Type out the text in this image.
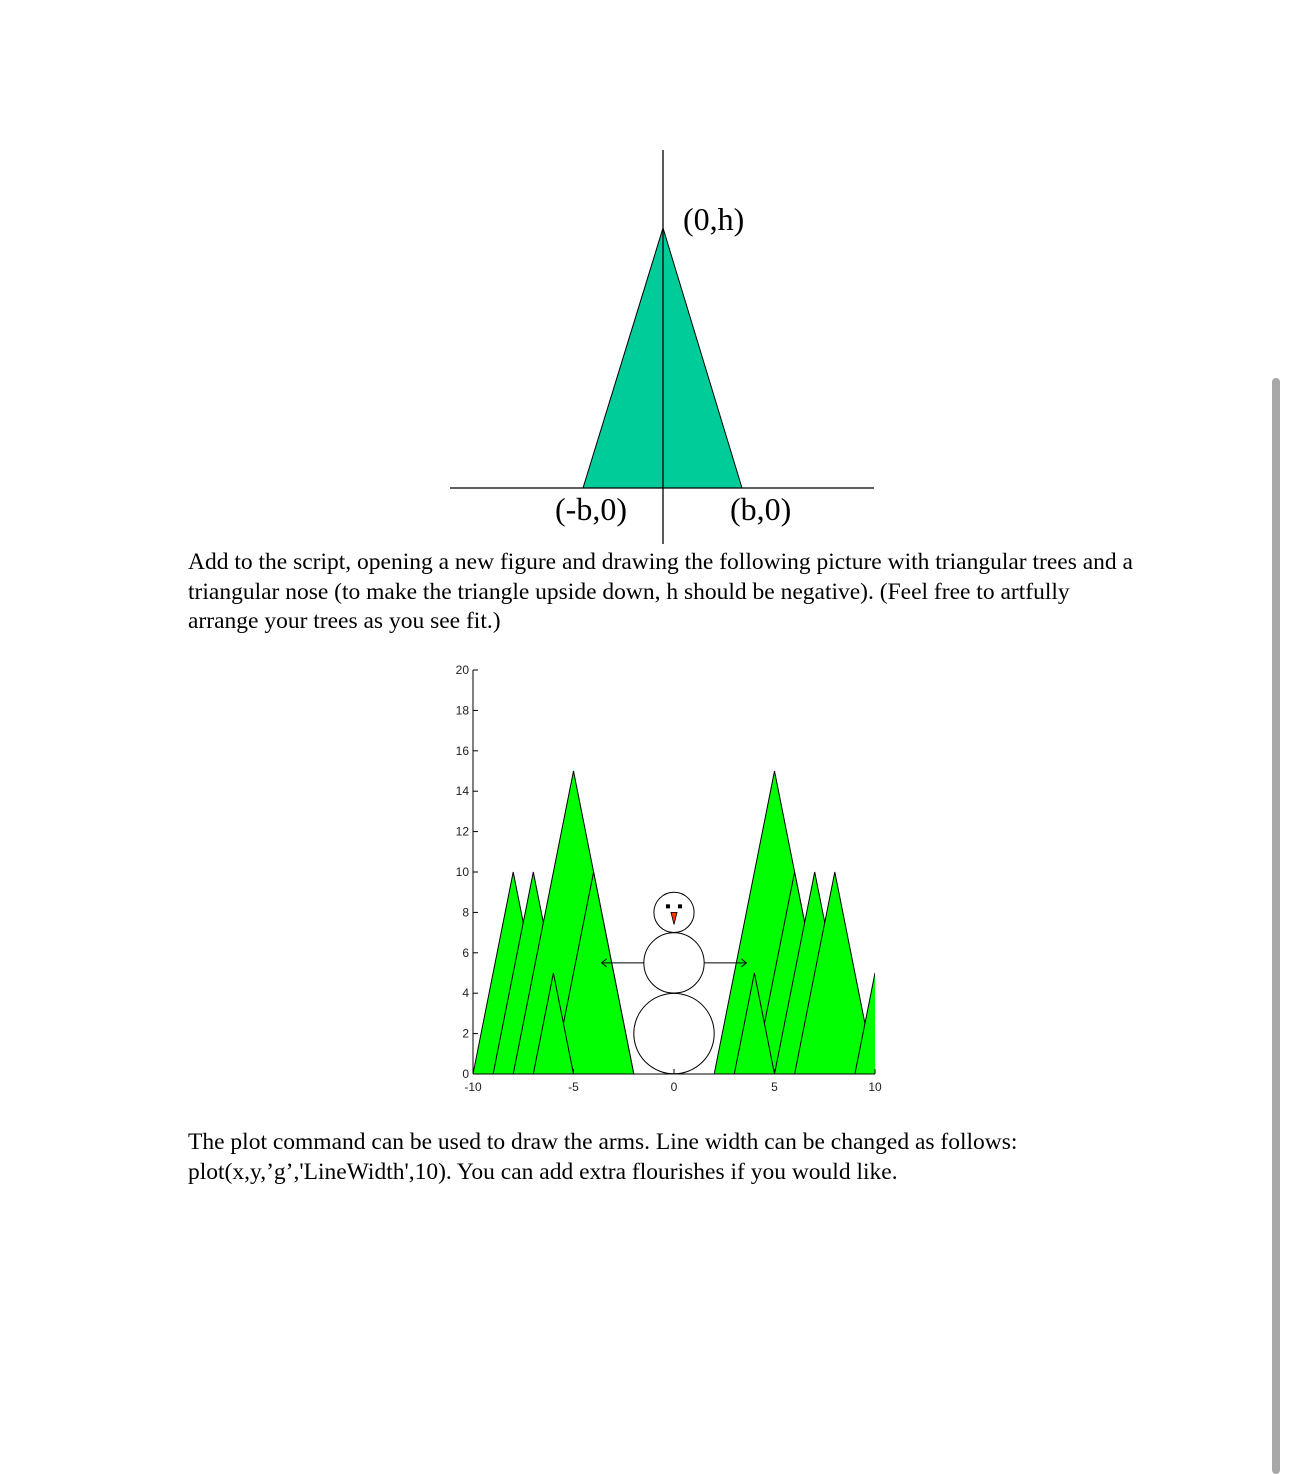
(0,h)
(-b,0)	(b,0)

Add to the script, opening a new figure and drawing the following picture with triangular trees and a triangular nose (to make the triangle upside down, h should be negative). (Feel free to artfully arrange your trees as you see fit.)

0
2
4
6
8
10
12
14
16
18
20
-10	-5	0	5	10

The plot command can be used to draw the arms. Line width can be changed as follows: plot(x,y,’g’,'LineWidth',10). You can add extra flourishes if you would like.
